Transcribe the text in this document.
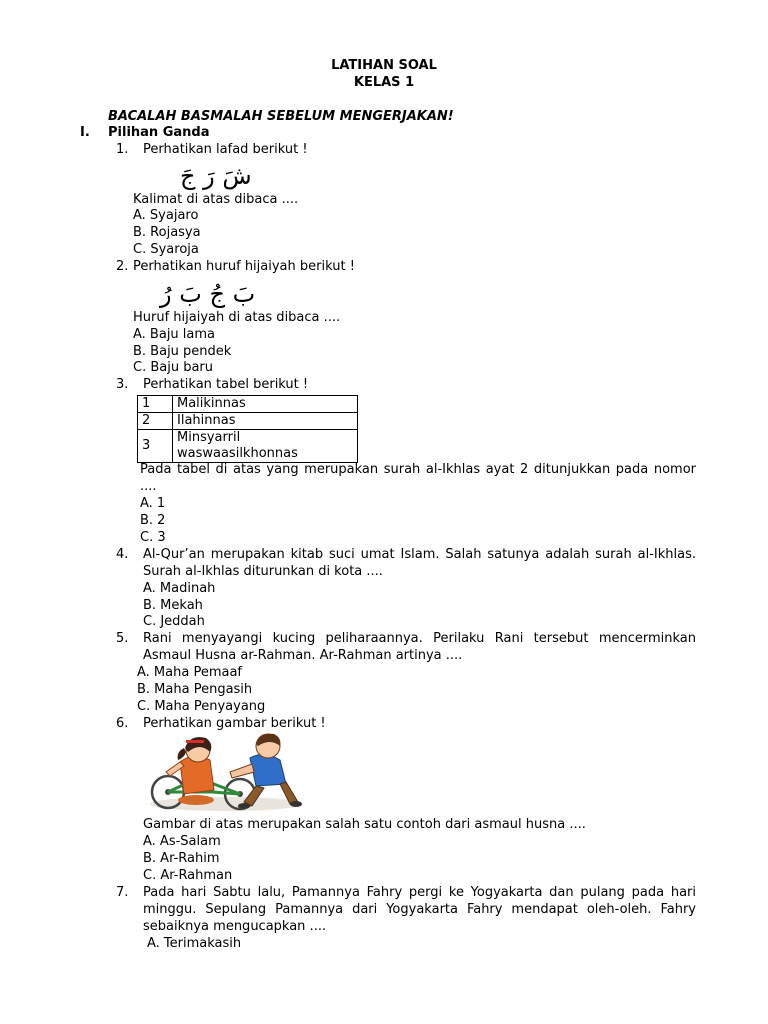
LATIHAN SOAL
KELAS 1
BACALAH BASMALAH SEBELUM MENGERJAKAN!
I. Pilihan Ganda
1. Perhatikan lafad berikut !
شَ رَ جَ
Kalimat di atas dibaca ....
A. Syajaro
B. Rojasya
C. Syaroja
2. Perhatikan huruf hijaiyah berikut !
بَ جُ بَ رُ
Huruf hijaiyah di atas dibaca ....
A. Baju lama
B. Baju pendek
C. Baju baru
3. Perhatikan tabel berikut !
1	Malikinnas
2	Ilahinnas
3	Minsyarril waswaasilkhonnas
Pada tabel di atas yang merupakan surah al-Ikhlas ayat 2 ditunjukkan pada nomor ....
A. 1
B. 2
C. 3
4. Al-Qur’an merupakan kitab suci umat Islam. Salah satunya adalah surah al-Ikhlas. Surah al-Ikhlas diturunkan di kota ....
A. Madinah
B. Mekah
C. Jeddah
5. Rani menyayangi kucing peliharaannya. Perilaku Rani tersebut mencerminkan Asmaul Husna ar-Rahman. Ar-Rahman artinya ....
A. Maha Pemaaf
B. Maha Pengasih
C. Maha Penyayang
6. Perhatikan gambar berikut !
Gambar di atas merupakan salah satu contoh dari asmaul husna ....
A. As-Salam
B. Ar-Rahim
C. Ar-Rahman
7. Pada hari Sabtu lalu, Pamannya Fahry pergi ke Yogyakarta dan pulang pada hari minggu. Sepulang Pamannya dari Yogyakarta Fahry mendapat oleh-oleh. Fahry sebaiknya mengucapkan ....
A. Terimakasih
